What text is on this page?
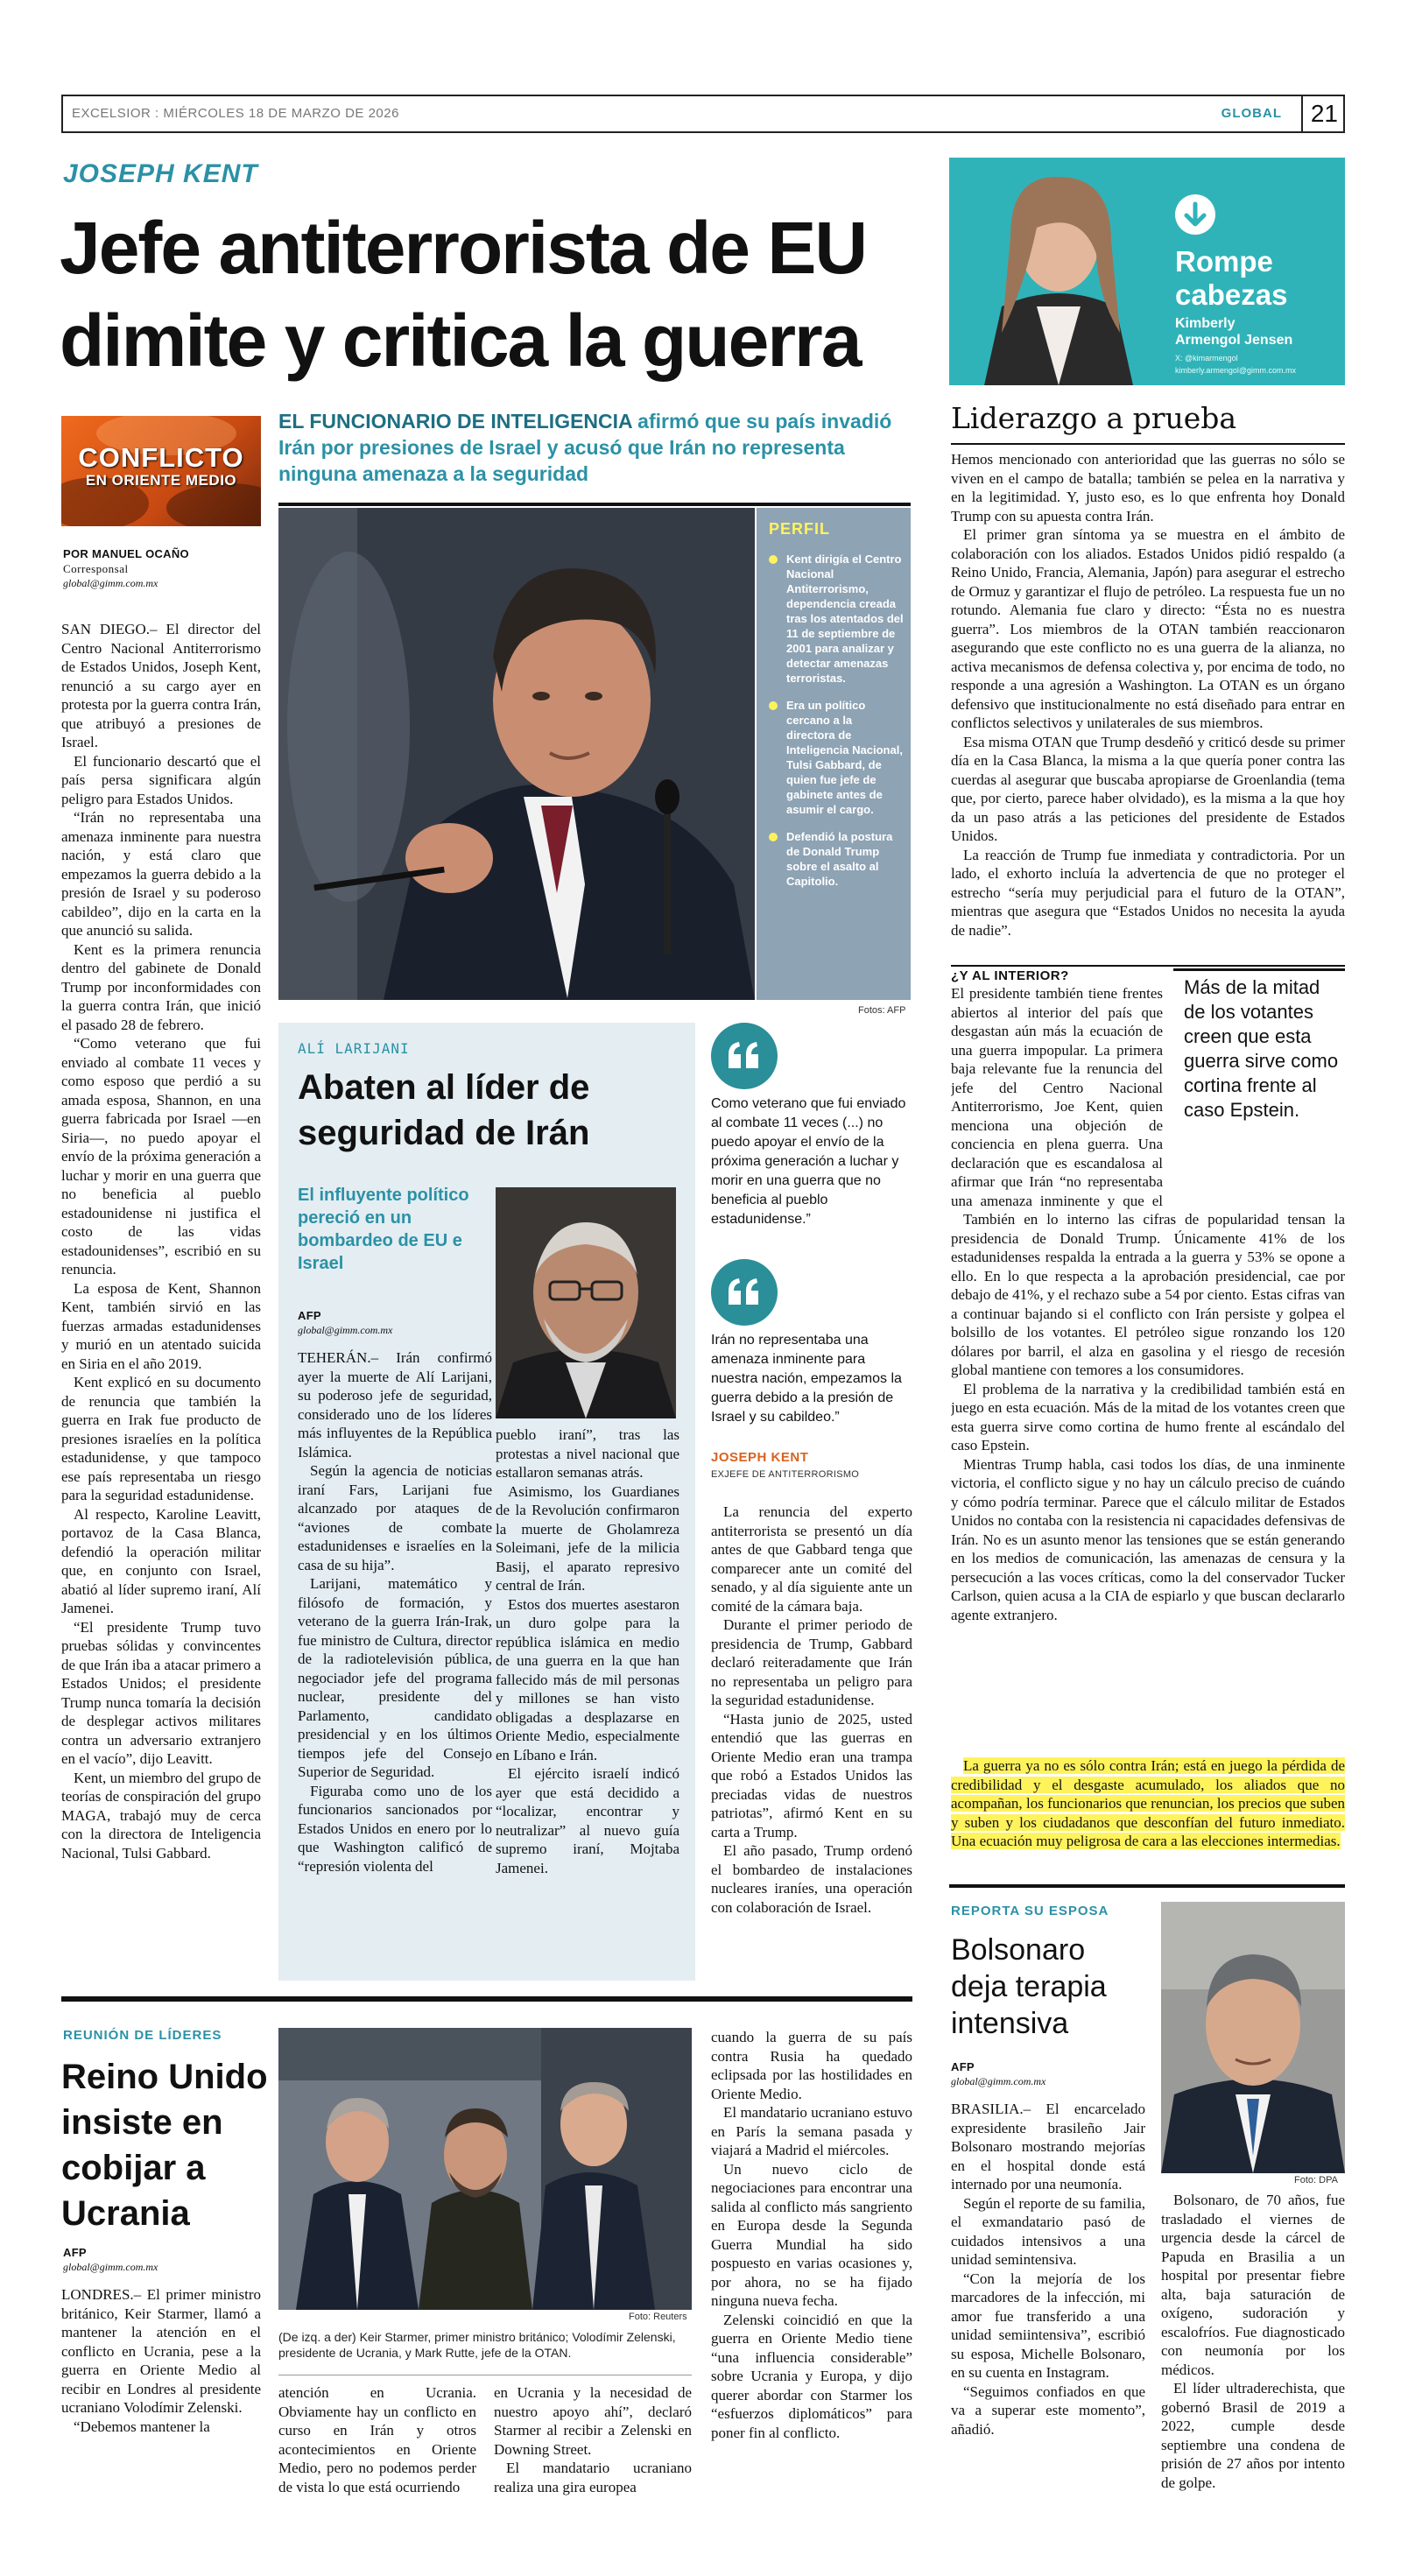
EXCELSIOR : MIÉRCOLES 18 DE MARZO DE 2026	GLOBAL 21
JOSEPH KENT
Jefe antiterrorista de EU
dimite y critica la guerra
CONFLICTO
EN ORIENTE MEDIO
EL FUNCIONARIO DE INTELIGENCIA afirmó que su país invadió Irán por presiones de Israel y acusó que Irán no representa ninguna amenaza a la seguridad
POR MANUEL OCAÑO
Corresponsal
global@gimm.com.mx
PERFIL
Kent dirigía el Centro Nacional Antiterrorismo, dependencia creada tras los atentados del 11 de septiembre de 2001 para analizar y detectar amenazas terroristas.
Era un político cercano a la directora de Inteligencia Nacional, Tulsi Gabbard, de quien fue jefe de gabinete antes de asumir el cargo.
Defendió la postura de Donald Trump sobre el asalto al Capitolio.
Fotos: AFP

SAN DIEGO.– El director del Centro Nacional Antiterrorismo de Estados Unidos, Joseph Kent, renunció a su cargo ayer en protesta por la guerra contra Irán, que atribuyó a presiones de Israel.

El funcionario descartó que el país persa significara algún peligro para Estados Unidos.

“Irán no representaba una amenaza inminente para nuestra nación, y está claro que empezamos la guerra debido a la presión de Israel y su poderoso cabildeo”, dijo en la carta en la que anunció su salida.

Kent es la primera renuncia dentro del gabinete de Donald Trump por inconformidades con la guerra contra Irán, que inició el pasado 28 de febrero.

“Como veterano que fui enviado al combate 11 veces y como esposo que perdió a su amada esposa, Shannon, en una guerra fabricada por Israel —en Siria—, no puedo apoyar el envío de la próxima generación a luchar y morir en una guerra que no beneficia al pueblo estadounidense ni justifica el costo de las vidas estadounidenses”, escribió en su renuncia.

La esposa de Kent, Shannon Kent, también sirvió en las fuerzas armadas estadunidenses y murió en un atentado suicida en Siria en el año 2019.

Kent explicó en su documento de renuncia que también la guerra en Irak fue producto de presiones israelíes en la política estadunidense, y que tampoco ese país representaba un riesgo para la seguridad estadunidense.

Al respecto, Karoline Leavitt, portavoz de la Casa Blanca, defendió la operación militar que, en conjunto con Israel, abatió al líder supremo iraní, Alí Jamenei.

“El presidente Trump tuvo pruebas sólidas y convincentes de que Irán iba a atacar primero a Estados Unidos; el presidente Trump nunca tomaría la decisión de desplegar activos militares contra un adversario extranjero en el vacío”, dijo Leavitt.

Kent, un miembro del grupo de teorías de conspiración del grupo MAGA, trabajó muy de cerca con la directora de Inteligencia Nacional, Tulsi Gabbard.

ALÍ LARIJANI
Abaten al líder de seguridad de Irán
El influyente político pereció en un bombardeo de EU e Israel
AFP
global@gimm.com.mx

TEHERÁN.– Irán confirmó ayer la muerte de Alí Larijani, su poderoso jefe de seguridad, considerado uno de los líderes más influyentes de la República Islámica.

Según la agencia de noticias iraní Fars, Larijani fue alcanzado por ataques de “aviones de combate estadunidenses e israelíes en la casa de su hija”.

Larijani, matemático y filósofo de formación, y veterano de la guerra Irán-Irak, fue ministro de Cultura, director de la radiotelevisión pública, negociador jefe del programa nuclear, presidente del Parlamento, candidato presidencial y en los últimos tiempos jefe del Consejo Superior de Seguridad.

Figuraba como uno de los funcionarios sancionados por Estados Unidos en enero por lo que Washington calificó de “represión violenta del

pueblo iraní”, tras las protestas a nivel nacional que estallaron semanas atrás.

Asimismo, los Guardianes de la Revolución confirmaron la muerte de Gholamreza Soleimani, jefe de la milicia Basij, el aparato represivo central de Irán.

Estos dos muertes asestaron un duro golpe para la república islámica en medio de una guerra en la que han fallecido más de mil personas y millones se han visto obligadas a desplazarse en Oriente Medio, especialmente en Líbano e Irán.

El ejército israelí indicó ayer que está decidido a “localizar, encontrar y neutralizar” al nuevo guía supremo iraní, Mojtaba Jamenei.

Como veterano que fui enviado al combate 11 veces (...) no puedo apoyar el envío de la próxima generación a luchar y morir en una guerra que no beneficia al pueblo estadunidense.”
Irán no representaba una amenaza inminente para nuestra nación, empezamos la guerra debido a la presión de Israel y su cabildeo.”
JOSEPH KENT
EXJEFE DE ANTITERRORISMO

La renuncia del experto antiterrorista se presentó un día antes de que Gabbard tenga que comparecer ante un comité del senado, y al día siguiente ante un comité de la cámara baja.

Durante el primer periodo de presidencia de Trump, Gabbard declaró reiteradamente que Irán no representaba un peligro para la seguridad estadunidense.

“Hasta junio de 2025, usted entendió que las guerras en Oriente Medio eran una trampa que robó a Estados Unidos las preciadas vidas de nuestros patriotas”, afirmó Kent en su carta a Trump.

El año pasado, Trump ordenó el bombardeo de instalaciones nucleares iraníes, una operación con colaboración de Israel.

Rompe
cabezas
Kimberly
Armengol Jensen
X: @kimarmengol
kimberly.armengol@gimm.com.mx
Liderazgo a prueba

Hemos mencionado con anterioridad que las guerras no sólo se viven en el campo de batalla; también se pelea en la narrativa y en la legitimidad. Y, justo eso, es lo que enfrenta hoy Donald Trump con su apuesta contra Irán.

El primer gran síntoma ya se muestra en el ámbito de colaboración con los aliados. Estados Unidos pidió respaldo (a Reino Unido, Francia, Alemania, Japón) para asegurar el estrecho de Ormuz y garantizar el flujo de petróleo. La respuesta fue un no rotundo. Alemania fue claro y directo: “Ésta no es nuestra guerra”. Los miembros de la OTAN también reaccionaron asegurando que este conflicto no es una guerra de la alianza, no activa mecanismos de defensa colectiva y, por encima de todo, no responde a una agresión a Washington. La OTAN es un órgano defensivo que institucionalmente no está diseñado para entrar en conflictos selectivos y unilaterales de sus miembros.

Esa misma OTAN que Trump desdeñó y criticó desde su primer día en la Casa Blanca, la misma a la que quería poner contra las cuerdas al asegurar que buscaba apropiarse de Groenlandia (tema que, por cierto, parece haber olvidado), es la misma a la que hoy da un paso atrás a las peticiones del presidente de Estados Unidos.

La reacción de Trump fue inmediata y contradictoria. Por un lado, el exhorto incluía la advertencia de que no proteger el estrecho “sería muy perjudicial para el futuro de la OTAN”, mientras que asegura que “Estados Unidos no necesita la ayuda de nadie”.

¿Y AL INTERIOR?
Más de la mitad de los votantes creen que esta guerra sirve como cortina frente al caso Epstein.

El presidente también tiene frentes abiertos al interior del país que desgastan aún más la ecuación de una guerra impopular. La primera baja relevante fue la renuncia del jefe del Centro Nacional Antiterrorismo, Joe Kent, quien menciona una objeción de conciencia en plena guerra. Una declaración que es escandalosa al afirmar que Irán “no representaba una amenaza inminente y que el

También en lo interno las cifras de popularidad tensan la presidencia de Donald Trump. Únicamente 41% de los estadunidenses respalda la entrada a la guerra y 53% se opone a ello. En lo que respecta a la aprobación presidencial, cae por debajo de 41%, y el rechazo sube a 54 por ciento. Estas cifras van a continuar bajando si el conflicto con Irán persiste y golpea el bolsillo de los votantes. El petróleo sigue ronzando los 120 dólares por barril, el alza en gasolina y el riesgo de recesión global mantiene con temores a los consumidores.

El problema de la narrativa y la credibilidad también está en juego en esta ecuación. Más de la mitad de los votantes creen que esta guerra sirve como cortina de humo frente al escándalo del caso Epstein.

Mientras Trump habla, casi todos los días, de una inminente victoria, el conflicto sigue y no hay un cálculo preciso de cuándo y cómo podría terminar. Parece que el cálculo militar de Estados Unidos no contaba con la resistencia ni capacidades defensivas de Irán. No es un asunto menor las tensiones que se están generando en los medios de comunicación, las amenazas de censura y la persecución a las voces críticas, como la del conservador Tucker Carlson, quien acusa a la CIA de espiarlo y que buscan declararlo agente extranjero.

La guerra ya no es sólo contra Irán; está en juego la pérdida de credibilidad y el desgaste acumulado, los aliados que no acompañan, los funcionarios que renuncian, los precios que suben y suben y los ciudadanos que desconfían del futuro inmediato. Una ecuación muy peligrosa de cara a las elecciones intermedias.

REUNIÓN DE LÍDERES
Reino Unido insiste en cobijar a Ucrania
AFP
global@gimm.com.mx

LONDRES.– El primer ministro británico, Keir Starmer, llamó a mantener la atención en el conflicto en Ucrania, pese a la guerra en Oriente Medio al recibir en Londres al presidente ucraniano Volodímir Zelenski.

“Debemos mantener la

Foto: Reuters
(De izq. a der) Keir Starmer, primer ministro británico; Volodímir Zelenski, presidente de Ucrania, y Mark Rutte, jefe de la OTAN.

atención en Ucrania. Obviamente hay un conflicto en curso en Irán y otros acontecimientos en Oriente Medio, pero no podemos perder de vista lo que está ocurriendo

en Ucrania y la necesidad de nuestro apoyo ahí”, declaró Starmer al recibir a Zelenski en Downing Street.

El mandatario ucraniano realiza una gira europea

cuando la guerra de su país contra Rusia ha quedado eclipsada por las hostilidades en Oriente Medio.

El mandatario ucraniano estuvo en París la semana pasada y viajará a Madrid el miércoles.

Un nuevo ciclo de negociaciones para encontrar una salida al conflicto más sangriento en Europa desde la Segunda Guerra Mundial ha sido pospuesto en varias ocasiones y, por ahora, no se ha fijado ninguna nueva fecha.

Zelenski coincidió en que la guerra en Oriente Medio tiene “una influencia considerable” sobre Ucrania y Europa, y dijo querer abordar con Starmer los “esfuerzos diplomáticos” para poner fin al conflicto.

REPORTA SU ESPOSA
Bolsonaro deja terapia intensiva
Foto: DPA
AFP
global@gimm.com.mx

BRASILIA.– El encarcelado expresidente brasileño Jair Bolsonaro mostrando mejorías en el hospital donde está internado por una neumonía.

Según el reporte de su familia, el exmandatario pasó de cuidados intensivos a una unidad semintensiva.

“Con la mejoría de los marcadores de la infección, mi amor fue transferido a una unidad semiintensiva”, escribió su esposa, Michelle Bolsonaro, en su cuenta en Instagram.

“Seguimos confiados en que va a superar este momento”, añadió.

Bolsonaro, de 70 años, fue trasladado el viernes de urgencia desde la cárcel de Papuda en Brasilia a un hospital por presentar fiebre alta, baja saturación de oxígeno, sudoración y escalofríos. Fue diagnosticado con neumonía por los médicos.

El líder ultraderechista, que gobernó Brasil de 2019 a 2022, cumple desde septiembre una condena de prisión de 27 años por intento de golpe.
